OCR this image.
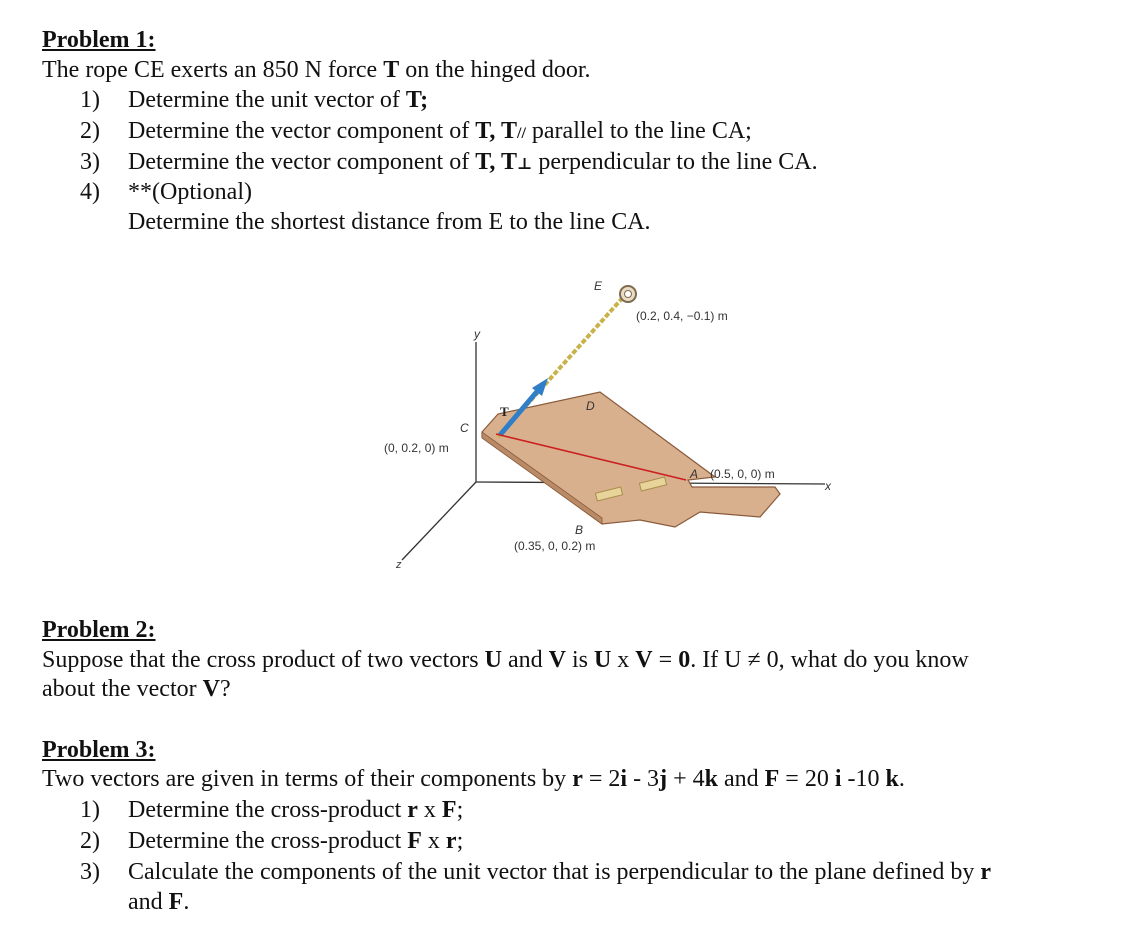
Problem 1:
The rope CE exerts an 850 N force T on the hinged door.
1) Determine the unit vector of T;
2) Determine the vector component of T, T// parallel to the line CA;
3) Determine the vector component of T, T⊥ perpendicular to the line CA.
4) **(Optional)
Determine the shortest distance from E to the line CA.
y
x
z
E
(0.2, 0.4, −0.1) m
T	D
C
(0, 0.2, 0) m
A (0.5, 0, 0) m
B
(0.35, 0, 0.2) m
Problem 2:
Suppose that the cross product of two vectors U and V is U x V = 0. If U ≠ 0, what do you know
about the vector V?
Problem 3:
Two vectors are given in terms of their components by r = 2i - 3j + 4k and F = 20 i -10 k.
1) Determine the cross-product r x F;
2) Determine the cross-product F x r;
3) Calculate the components of the unit vector that is perpendicular to the plane defined by r
and F.
